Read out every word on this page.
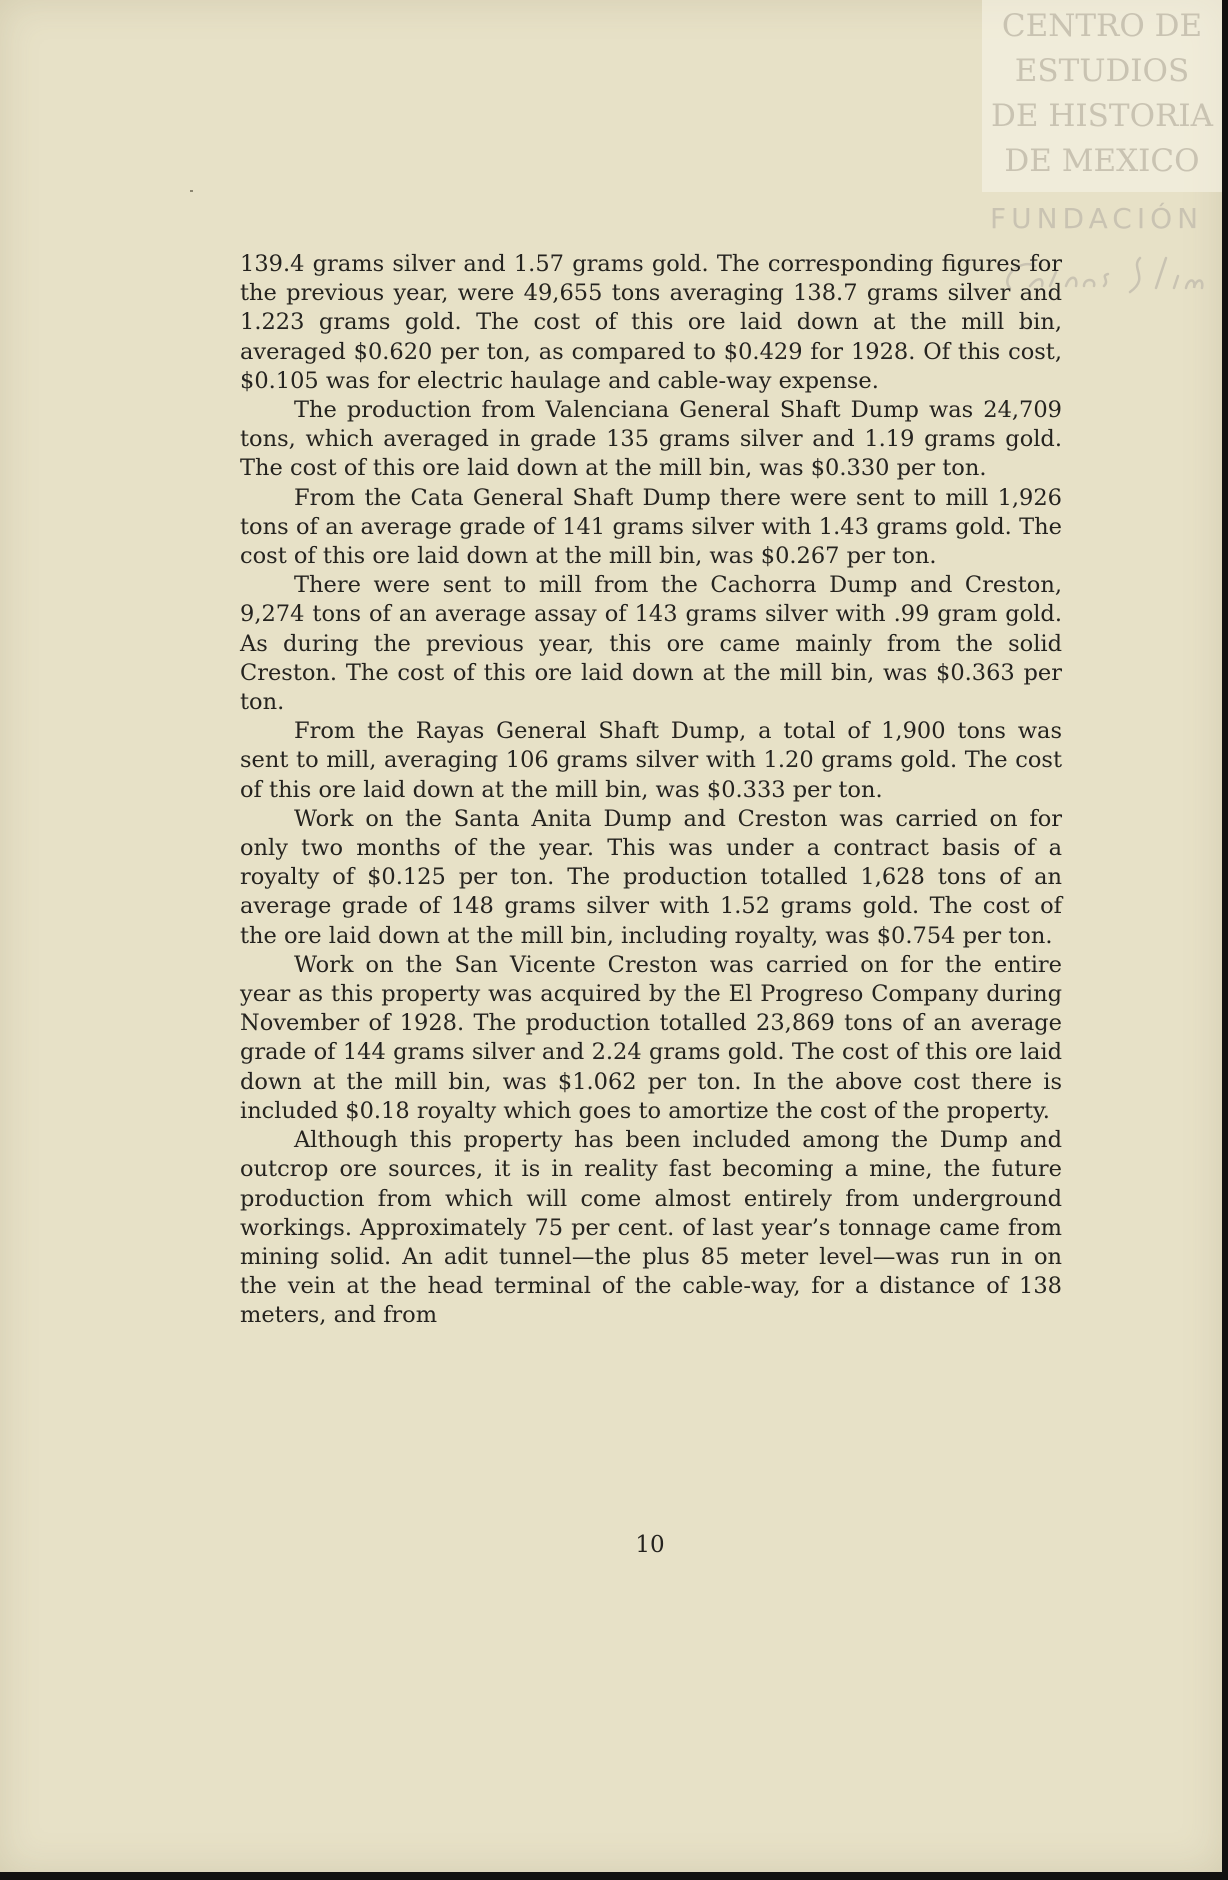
CENTRO DE
ESTUDIOS
DE HISTORIA
DE MEXICO
FUNDACIÓN

139.4 grams silver and 1.57 grams gold. The corresponding figures for the previous year, were 49,655 tons averaging 138.7 grams silver and 1.223 grams gold. The cost of this ore laid down at the mill bin, averaged $0.620 per ton, as compared to $0.429 for 1928. Of this cost, $0.105 was for electric haulage and cable-way expense.

The production from Valenciana General Shaft Dump was 24,709 tons, which averaged in grade 135 grams silver and 1.19 grams gold. The cost of this ore laid down at the mill bin, was $0.330 per ton.

From the Cata General Shaft Dump there were sent to mill 1,926 tons of an average grade of 141 grams silver with 1.43 grams gold. The cost of this ore laid down at the mill bin, was $0.267 per ton.

There were sent to mill from the Cachorra Dump and Creston, 9,274 tons of an average assay of 143 grams silver with .99 gram gold. As during the previous year, this ore came mainly from the solid Creston. The cost of this ore laid down at the mill bin, was $0.363 per ton.

From the Rayas General Shaft Dump, a total of 1,900 tons was sent to mill, averaging 106 grams silver with 1.20 grams gold. The cost of this ore laid down at the mill bin, was $0.333 per ton.

Work on the Santa Anita Dump and Creston was carried on for only two months of the year. This was under a contract basis of a royalty of $0.125 per ton. The production totalled 1,628 tons of an average grade of 148 grams silver with 1.52 grams gold. The cost of the ore laid down at the mill bin, including royalty, was $0.754 per ton.

Work on the San Vicente Creston was carried on for the entire year as this property was acquired by the El Progreso Company during November of 1928. The production totalled 23,869 tons of an average grade of 144 grams silver and 2.24 grams gold. The cost of this ore laid down at the mill bin, was $1.062 per ton. In the above cost there is included $0.18 royalty which goes to amortize the cost of the property.

Although this property has been included among the Dump and outcrop ore sources, it is in reality fast becoming a mine, the future production from which will come almost entirely from underground workings. Approximately 75 per cent. of last year’s tonnage came from mining solid. An adit tunnel—the plus 85 meter level—was run in on the vein at the head terminal of the cable-way, for a distance of 138 meters, and from

10
